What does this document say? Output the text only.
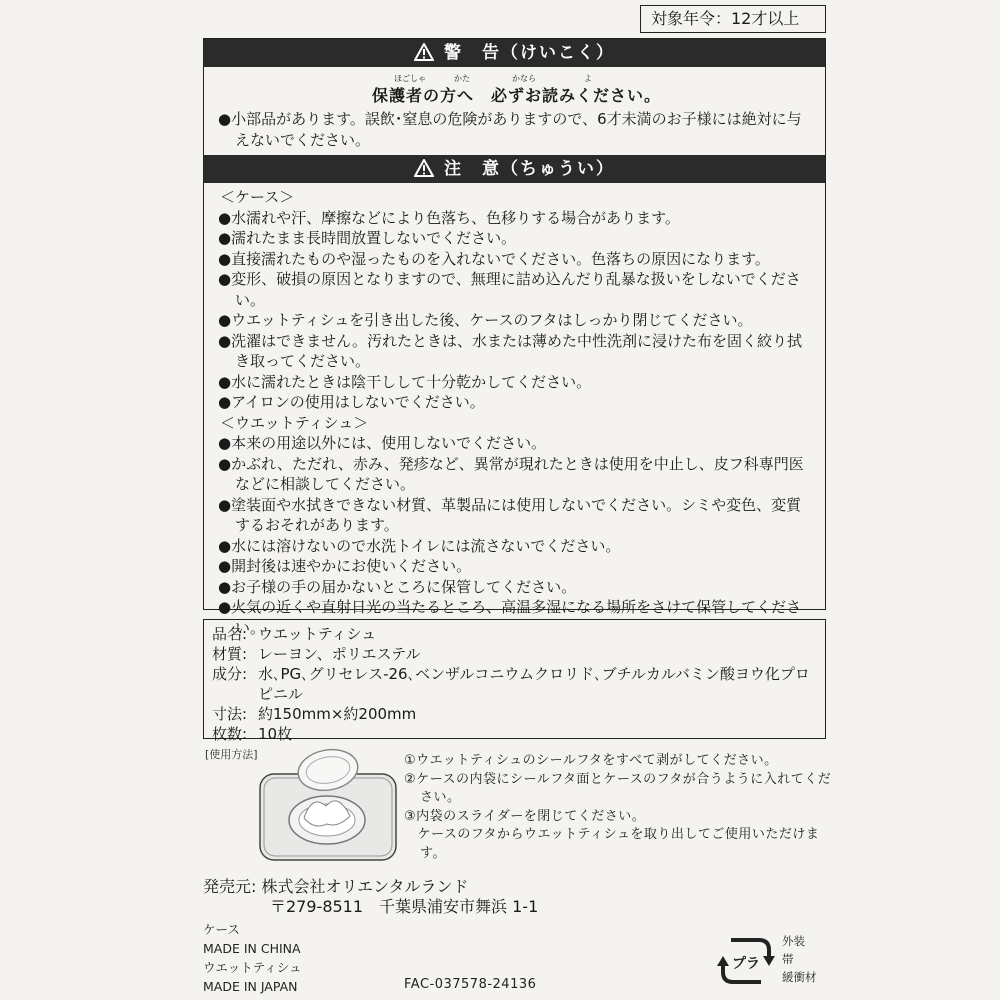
対象年令：12才以上
警　告（けいこく）
ほごしゃ	かた	かなら	よ
保護者の方へ　必ずお読みください。
●小部品があります。誤飲･窒息の危険がありますので、6才未満のお子様には絶対に与えないでください。
注　意（ちゅうい）
＜ケース＞
●水濡れや汗、摩擦などにより色落ち、色移りする場合があります。
●濡れたまま長時間放置しないでください。
●直接濡れたものや湿ったものを入れないでください。色落ちの原因になります。
●変形、破損の原因となりますので、無理に詰め込んだり乱暴な扱いをしないでください。
●ウエットティシュを引き出した後、ケースのフタはしっかり閉じてください。
●洗濯はできません。汚れたときは、水または薄めた中性洗剤に浸けた布を固く絞り拭き取ってください。
●水に濡れたときは陰干しして十分乾かしてください。
●アイロンの使用はしないでください。
＜ウエットティシュ＞
●本来の用途以外には、使用しないでください。
●かぶれ、ただれ、赤み、発疹など、異常が現れたときは使用を中止し、皮フ科専門医などに相談してください。
●塗装面や水拭きできない材質、革製品には使用しないでください。シミや変色、変質するおそれがあります。
●水には溶けないので水洗トイレには流さないでください。
●開封後は速やかにお使いください。
●お子様の手の届かないところに保管してください。
●火気の近くや直射日光の当たるところ、高温多湿になる場所をさけて保管してください。
品名: ウエットティシュ
材質: レーヨン、ポリエステル
成分: 水､PG､グリセレス-26､ベンザルコニウムクロリド､ブチルカルバミン酸ヨウ化プロピニル
寸法: 約150mm×約200mm
枚数: 10枚
[使用方法]	①ウエットティシュのシールフタをすべて剥がしてください。
②ケースの内袋にシールフタ面とケースのフタが合うように入れてください。
③内袋のスライダーを閉じてください。
　ケースのフタからウエットティシュを取り出してご使用いただけます。
発売元: 株式会社オリエンタルランド
〒279-8511　千葉県浦安市舞浜 1-1
ケース
MADE IN CHINA
ウエットティシュ
MADE IN JAPAN	FAC-037578-24136
プラ
外装
帯
緩衝材
